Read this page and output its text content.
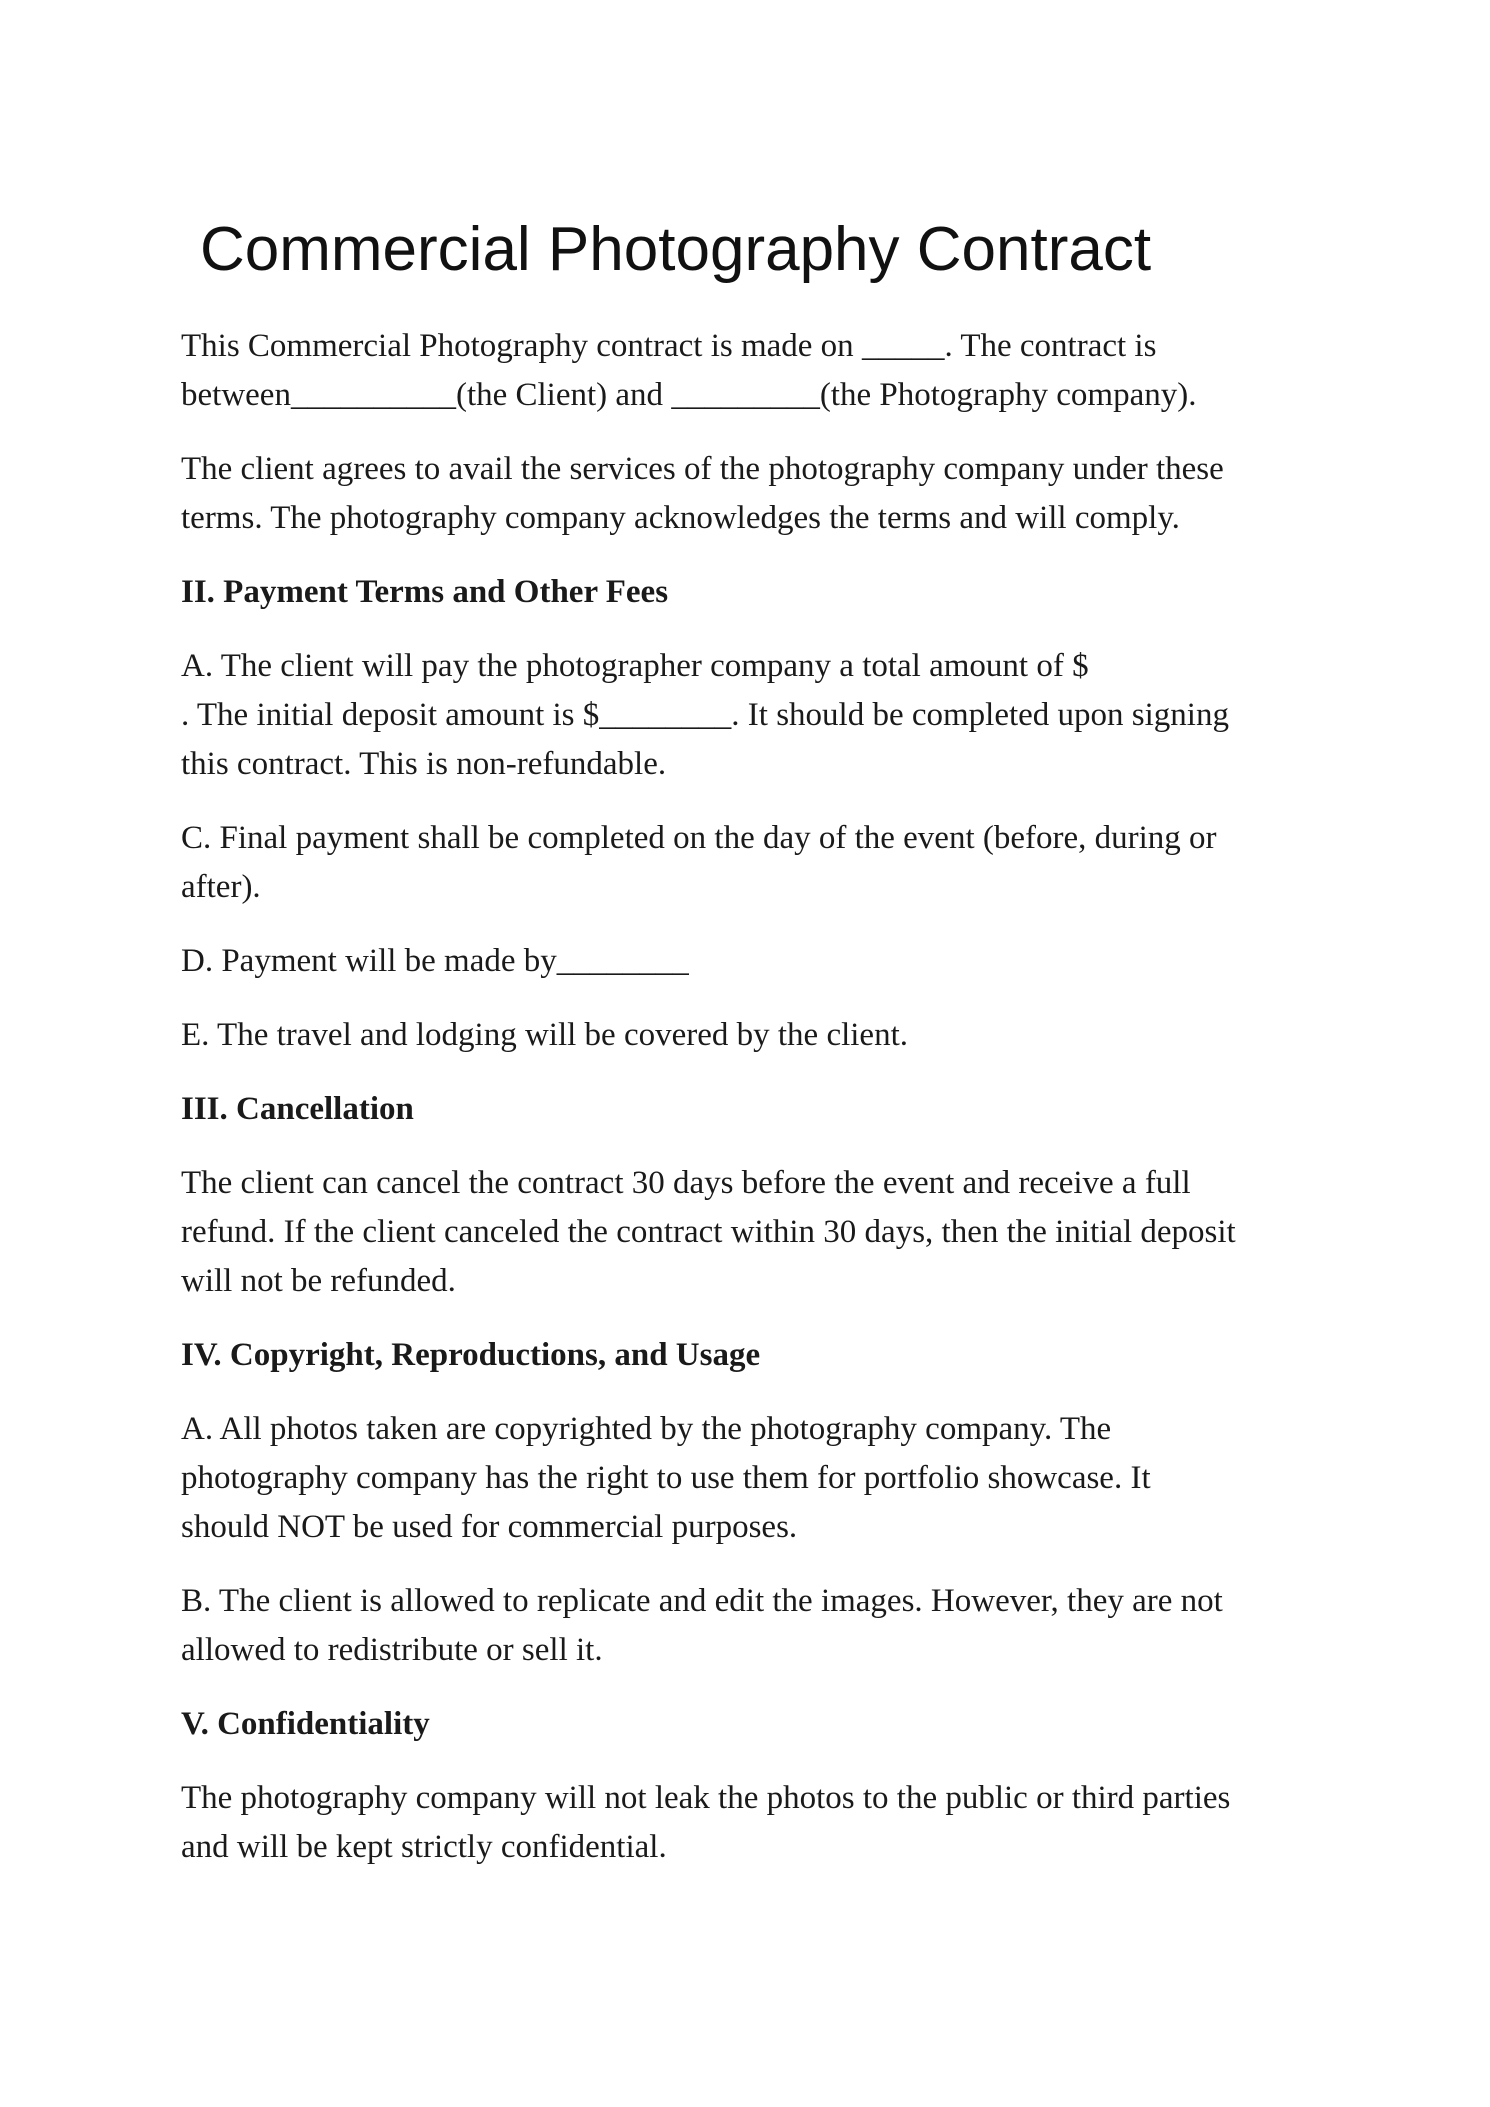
Commercial Photography Contract

This Commercial Photography contract is made on _____. The contract is
between__________(the Client) and _________(the Photography company).

The client agrees to avail the services of the photography company under these
terms. The photography company acknowledges the terms and will comply.

II. Payment Terms and Other Fees

A. The client will pay the photographer company a total amount of $
. The initial deposit amount is $________. It should be completed upon signing
this contract. This is non-refundable.

C. Final payment shall be completed on the day of the event (before, during or
after).

D. Payment will be made by________

E. The travel and lodging will be covered by the client.

III. Cancellation

The client can cancel the contract 30 days before the event and receive a full
refund. If the client canceled the contract within 30 days, then the initial deposit
will not be refunded.

IV. Copyright, Reproductions, and Usage

A. All photos taken are copyrighted by the photography company. The
photography company has the right to use them for portfolio showcase. It
should NOT be used for commercial purposes.

B. The client is allowed to replicate and edit the images. However, they are not
allowed to redistribute or sell it.

V. Confidentiality

The photography company will not leak the photos to the public or third parties
and will be kept strictly confidential.
